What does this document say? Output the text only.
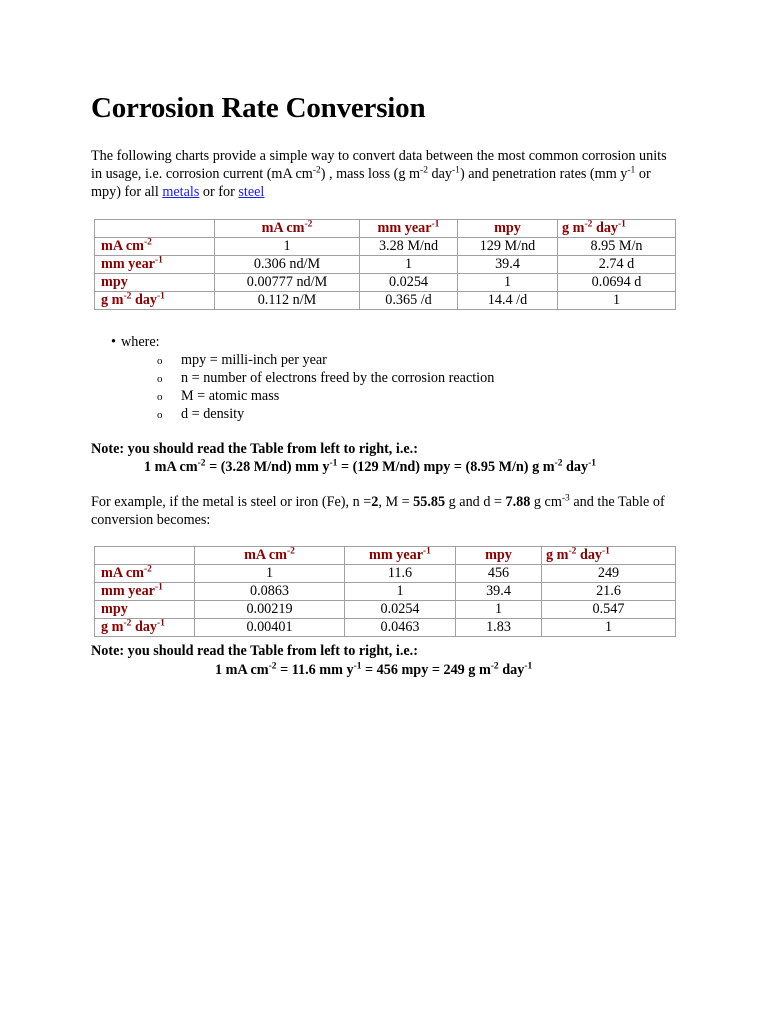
Corrosion Rate Conversion

The following charts provide a simple way to convert data between the most common corrosion units in usage, i.e. corrosion current (mA $cm^{-2}$) , mass loss (g $m^{-2}$ day$^{-1}$) and penetration rates (mm $y^{-1}$ or mpy) for all metals or for steel

	mA $cm^{-2}$	mm year$^{-1}$	mpy	g $m^{-2}$ day$^{-1}$
mA $cm^{-2}$	1	3.28 M/nd	129 M/nd	8.95 M/n
mm year$^{-1}$	0.306 nd/M	1	39.4	2.74 d
mpy	0.00777 nd/M	0.0254	1	0.0694 d
g $m^{-2}$ day$^{-1}$	0.112 n/M	0.365 /d	14.4 /d	1
• where:
o mpy = milli-inch per year
o n = number of electrons freed by the corrosion reaction
o M = atomic mass
o d = density

Note: you should read the Table from left to right, i.e.:

1 mA $cm^{-2} = (3.28$ M/nd) mm $y^{-1} = (129$ M/nd) mpy = (8.95 M/n) g $m^{-2}$ day$^{-1}$

For example, if the metal is steel or iron (Fe), n =2, M = 55.85 g and d = 7.88 g $cm^{-3}$ and the Table of conversion becomes:

	mA $cm^{-2}$	mm year$^{-1}$	mpy	g $m^{-2}$ day$^{-1}$
mA $cm^{-2}$	1	11.6	456	249
mm year$^{-1}$	0.0863	1	39.4	21.6
mpy	0.00219	0.0254	1	0.547
g $m^{-2}$ day$^{-1}$	0.00401	0.0463	1.83	1

Note: you should read the Table from left to right, i.e.:

1 mA $cm^{-2} = 11.6$ mm $y^{-1} = 456$ mpy = 249 g $m^{-2}$ day$^{-1}$
